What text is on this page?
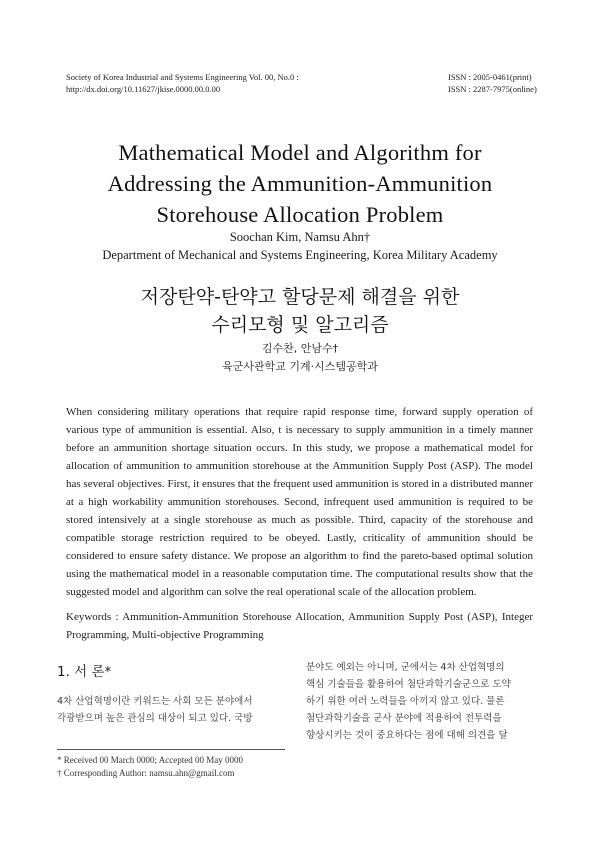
Society of Korea Industrial and Systems Engineering Vol. 00, No.0 :
http://dx.doi.org/10.11627/jkise.0000.00.0.00
ISSN : 2005-0461(print)
ISSN : 2287-7975(online)
Mathematical Model and Algorithm for
Addressing the Ammunition-Ammunition
Storehouse Allocation Problem
Soochan Kim, Namsu Ahn†
Department of Mechanical and Systems Engineering, Korea Military Academy
저장탄약-탄약고 할당문제 해결을 위한
수리모형 및 알고리즘
김수찬, 안남수†
육군사관학교 기계·시스템공학과
When considering military operations that require rapid response time, forward supply operation of various type of ammunition is essential. Also, t is necessary to supply ammunition in a timely manner before an ammunition shortage situation occurs. In this study, we propose a mathematical model for allocation of ammunition to ammunition storehouse at the Ammunition Supply Post (ASP). The model has several objectives. First, it ensures that the frequent used ammunition is stored in a distributed manner at a high workability ammunition storehouses. Second, infrequent used ammunition is required to be stored intensively at a single storehouse as much as possible. Third, capacity of the storehouse and compatible storage restriction required to be obeyed. Lastly, criticality of ammunition should be considered to ensure safety distance. We propose an algorithm to find the pareto-based optimal solution using the mathematical model in a reasonable computation time. The computational results show that the suggested model and algorithm can solve the real operational scale of the allocation problem.
Keywords : Ammunition-Ammunition Storehouse Allocation, Ammunition Supply Post (ASP), Integer Programming, Multi-objective Programming
1. 서 론*
4차 산업혁명이란 키워드는 사회 모든 분야에서
각광받으며 높은 관심의 대상이 되고 있다. 국방
분야도 예외는 아니며, 군에서는 4차 산업혁명의
핵심 기술들을 활용하여 첨단과학기술군으로 도약
하기 위한 여러 노력들을 아끼지 않고 있다. 물론
첨단과학기술을 군사 분야에 적용하여 전투력을
향상시키는 것이 중요하다는 점에 대해 의견을 달
* Received 00 March 0000; Accepted 00 May 0000
† Corresponding Author: namsu.ahn@gmail.com
